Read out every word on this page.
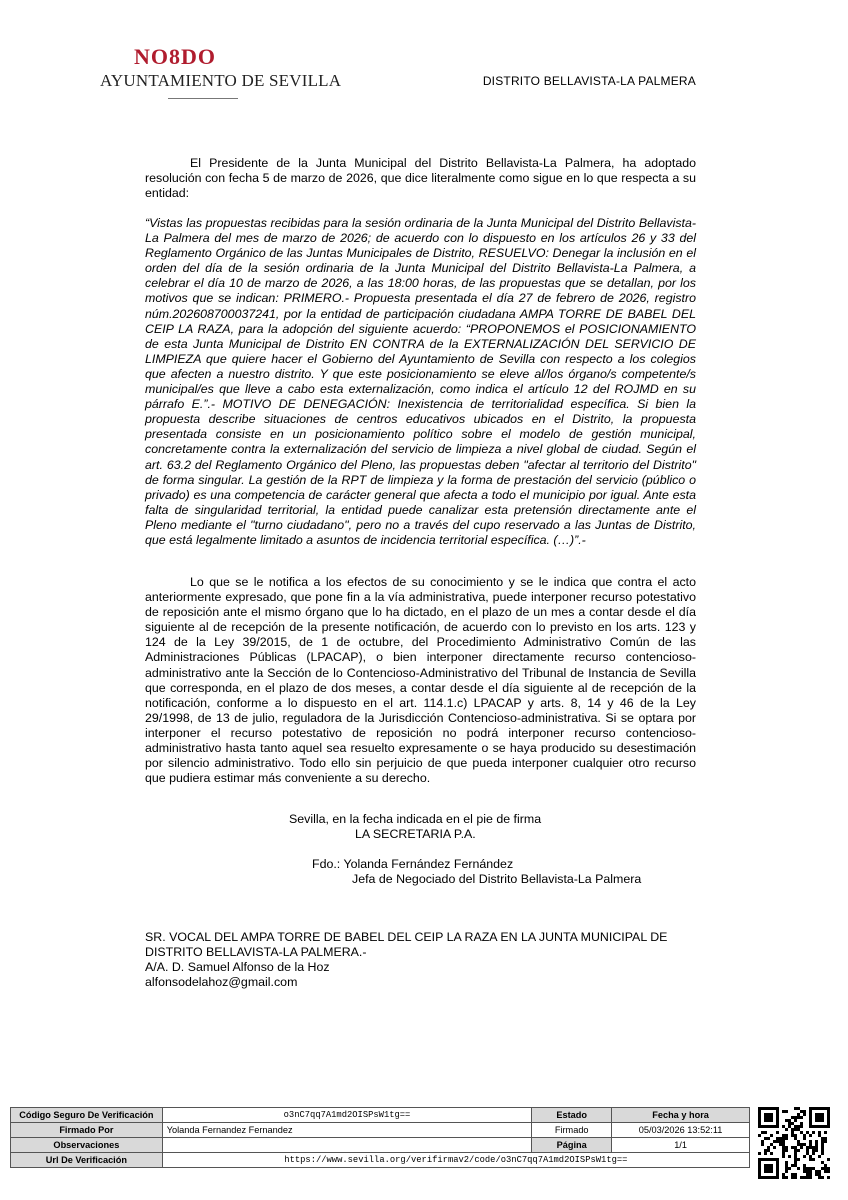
NO8DO
AYUNTAMIENTO DE SEVILLA	DISTRITO BELLAVISTA-LA PALMERA
El Presidente de la Junta Municipal del Distrito Bellavista-La Palmera, ha adoptado resolución con fecha 5 de marzo de 2026, que dice literalmente como sigue en lo que respecta a su entidad:
“Vistas las propuestas recibidas para la sesión ordinaria de la Junta Municipal del Distrito Bellavista-La Palmera del mes de marzo de 2026; de acuerdo con lo dispuesto en los artículos 26 y 33 del Reglamento Orgánico de las Juntas Municipales de Distrito, RESUELVO: Denegar la inclusión en el orden del día de la sesión ordinaria de la Junta Municipal del Distrito Bellavista-La Palmera, a celebrar el día 10 de marzo de 2026, a las 18:00 horas, de las propuestas que se detallan, por los motivos que se indican: PRIMERO.- Propuesta presentada el día 27 de febrero de 2026, registro núm.202608700037241, por la entidad de participación ciudadana AMPA TORRE DE BABEL DEL CEIP LA RAZA, para la adopción del siguiente acuerdo: “PROPONEMOS el POSICIONAMIENTO de esta Junta Municipal de Distrito EN CONTRA de la EXTERNALIZACIÓN DEL SERVICIO DE LIMPIEZA que quiere hacer el Gobierno del Ayuntamiento de Sevilla con respecto a los colegios que afecten a nuestro distrito. Y que este posicionamiento se eleve al/los órgano/s competente/s municipal/es que lleve a cabo esta externalización, como indica el artículo 12 del ROJMD en su párrafo E.”.- MOTIVO DE DENEGACIÓN: Inexistencia de territorialidad específica. Si bien la propuesta describe situaciones de centros educativos ubicados en el Distrito, la propuesta presentada consiste en un posicionamiento político sobre el modelo de gestión municipal, concretamente contra la externalización del servicio de limpieza a nivel global de ciudad. Según el art. 63.2 del Reglamento Orgánico del Pleno, las propuestas deben "afectar al territorio del Distrito" de forma singular. La gestión de la RPT de limpieza y la forma de prestación del servicio (público o privado) es una competencia de carácter general que afecta a todo el municipio por igual. Ante esta falta de singularidad territorial, la entidad puede canalizar esta pretensión directamente ante el Pleno mediante el "turno ciudadano", pero no a través del cupo reservado a las Juntas de Distrito, que está legalmente limitado a asuntos de incidencia territorial específica. (…)”.-
Lo que se le notifica a los efectos de su conocimiento y se le indica que contra el acto anteriormente expresado, que pone fin a la vía administrativa, puede interponer recurso potestativo de reposición ante el mismo órgano que lo ha dictado, en el plazo de un mes a contar desde el día siguiente al de recepción de la presente notificación, de acuerdo con lo previsto en los arts. 123 y 124 de la Ley 39/2015, de 1 de octubre, del Procedimiento Administrativo Común de las Administraciones Públicas (LPACAP), o bien interponer directamente recurso contencioso-administrativo ante la Sección de lo Contencioso-Administrativo del Tribunal de Instancia de Sevilla que corresponda, en el plazo de dos meses, a contar desde el día siguiente al de recepción de la notificación, conforme a lo dispuesto en el art. 114.1.c) LPACAP y arts. 8, 14 y 46 de la Ley 29/1998, de 13 de julio, reguladora de la Jurisdicción Contencioso-administrativa. Si se optara por interponer el recurso potestativo de reposición no podrá interponer recurso contencioso-administrativo hasta tanto aquel sea resuelto expresamente o se haya producido su desestimación por silencio administrativo. Todo ello sin perjuicio de que pueda interponer cualquier otro recurso que pudiera estimar más conveniente a su derecho.
Sevilla, en la fecha indicada en el pie de firma
LA SECRETARIA P.A.
Fdo.: Yolanda Fernández Fernández
Jefa de Negociado del Distrito Bellavista-La Palmera
SR. VOCAL DEL AMPA TORRE DE BABEL DEL CEIP LA RAZA EN LA JUNTA MUNICIPAL DE DISTRITO BELLAVISTA-LA PALMERA.-
A/A. D. Samuel Alfonso de la Hoz
alfonsodelahoz@gmail.com
Código Seguro De Verificación	o3nC7qq7A1md2OISPsW1tg==	Estado	Fecha y hora
Firmado Por	Yolanda Fernandez Fernandez	Firmado	05/03/2026 13:52:11
Observaciones		Página	1/1
Url De Verificación	https://www.sevilla.org/verifirmav2/code/o3nC7qq7A1md2OISPsW1tg==		
